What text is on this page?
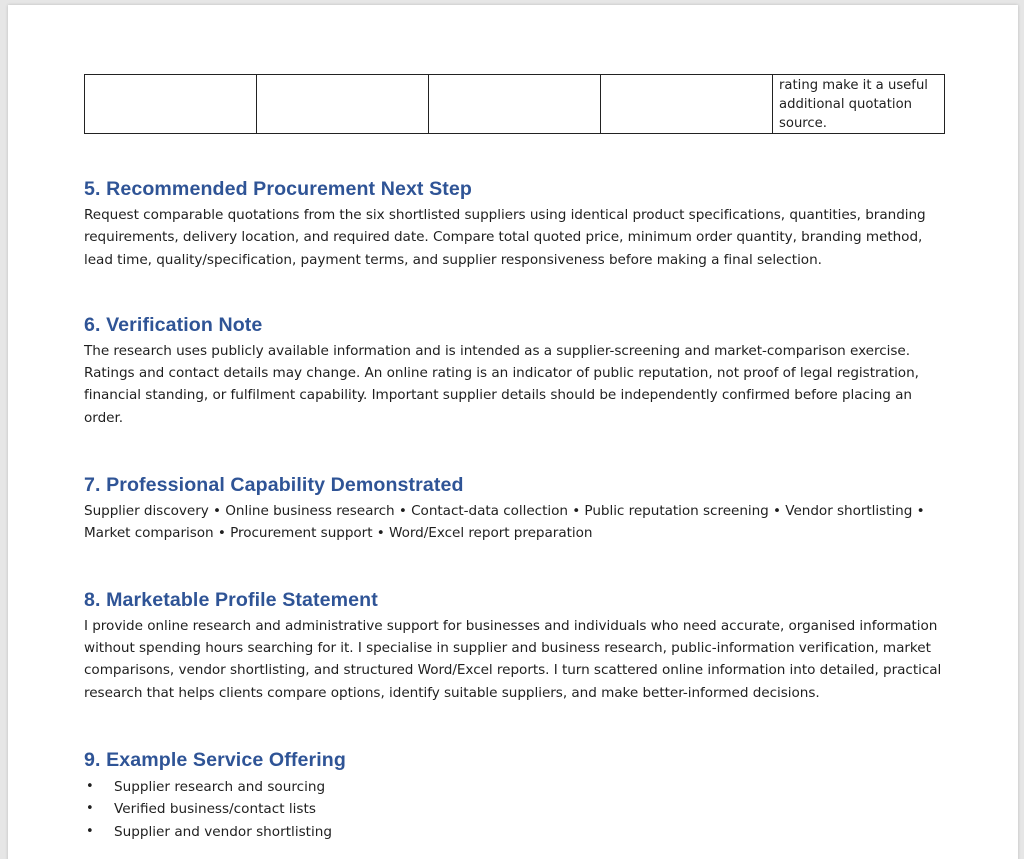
				rating make it a useful additional quotation source.
5. Recommended Procurement Next Step

Request comparable quotations from the six shortlisted suppliers using identical product specifications, quantities, branding requirements, delivery location, and required date. Compare total quoted price, minimum order quantity, branding method, lead time, quality/specification, payment terms, and supplier responsiveness before making a final selection.

6. Verification Note

The research uses publicly available information and is intended as a supplier-screening and market-comparison exercise. Ratings and contact details may change. An online rating is an indicator of public reputation, not proof of legal registration, financial standing, or fulfilment capability. Important supplier details should be independently confirmed before placing an order.

7. Professional Capability Demonstrated

Supplier discovery • Online business research • Contact-data collection • Public reputation screening • Vendor shortlisting • Market comparison • Procurement support • Word/Excel report preparation

8. Marketable Profile Statement

I provide online research and administrative support for businesses and individuals who need accurate, organised information without spending hours searching for it. I specialise in supplier and business research, public-information verification, market comparisons, vendor shortlisting, and structured Word/Excel reports. I turn scattered online information into detailed, practical research that helps clients compare options, identify suitable suppliers, and make better-informed decisions.

9. Example Service Offering
• Supplier research and sourcing
• Verified business/contact lists
• Supplier and vendor shortlisting
